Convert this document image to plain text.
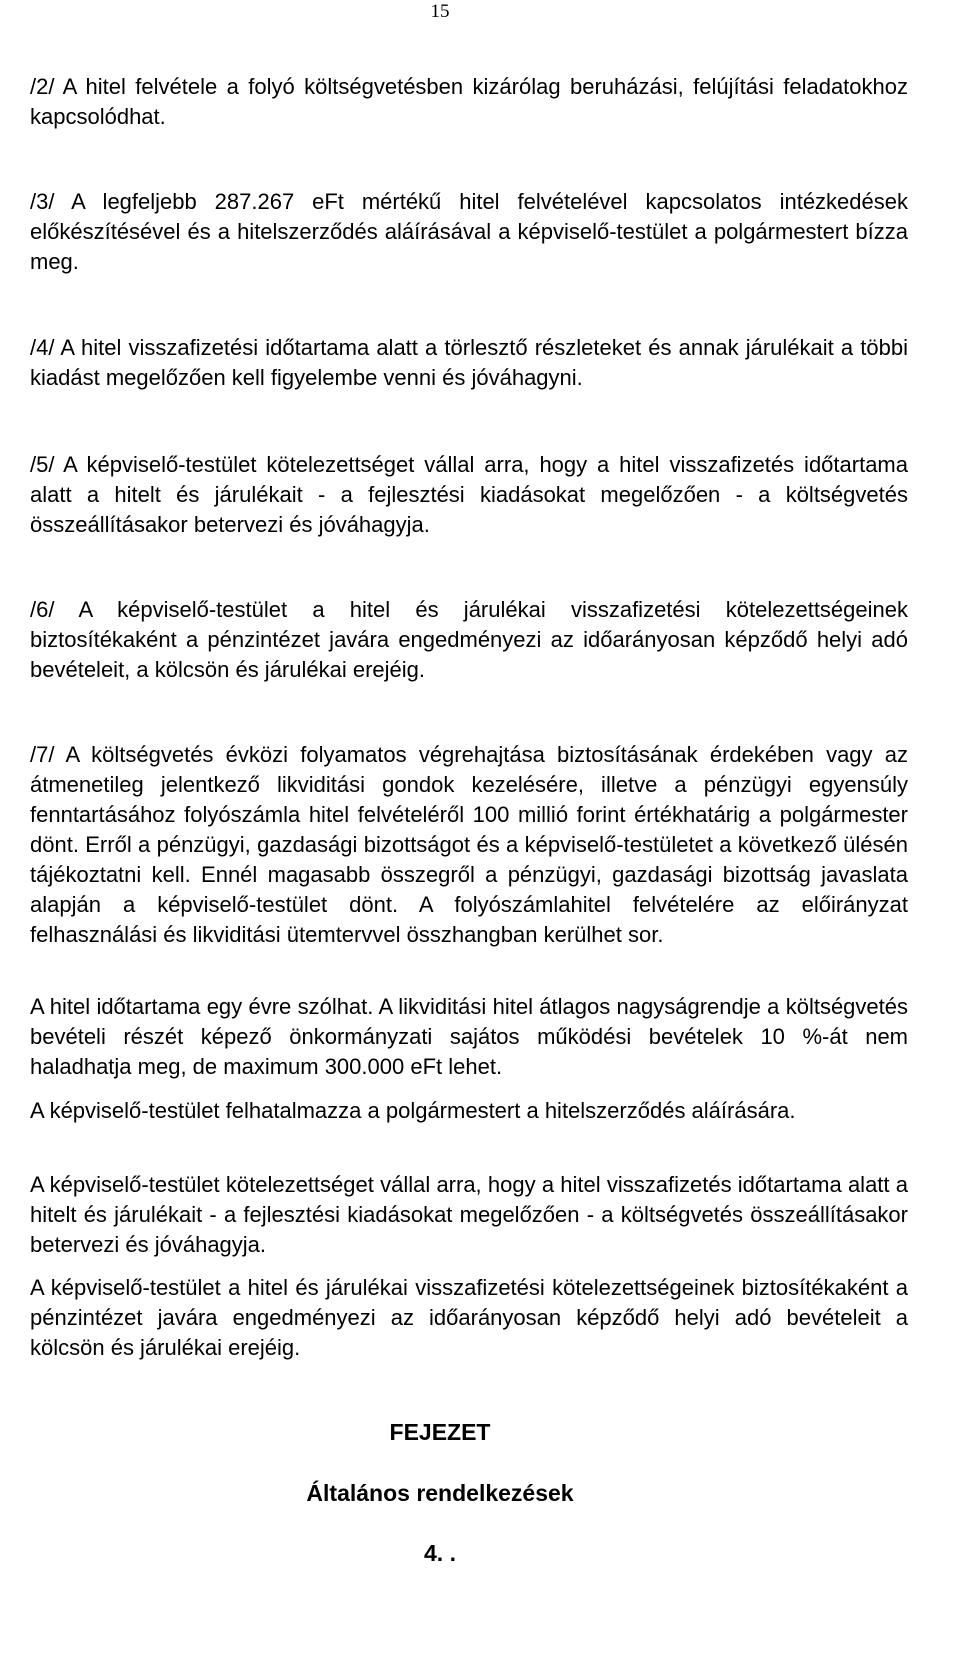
15

/2/ A hitel felvétele a folyó költségvetésben kizárólag beruházási, felújítási feladatokhoz kapcsolódhat.

/3/ A legfeljebb 287.267 eFt mértékű hitel felvételével kapcsolatos intézkedések előkészítésével és a hitelszerződés aláírásával a képviselő-testület a polgármestert bízza meg.

/4/ A hitel visszafizetési időtartama alatt a törlesztő részleteket és annak járulékait a többi kiadást megelőzően kell figyelembe venni és jóváhagyni.

/5/ A képviselő-testület kötelezettséget vállal arra, hogy a hitel visszafizetés időtartama alatt a hitelt és járulékait - a fejlesztési kiadásokat megelőzően - a költségvetés összeállításakor betervezi és jóváhagyja.

/6/ A képviselő-testület a hitel és járulékai visszafizetési kötelezettségeinek biztosítékaként a pénzintézet javára engedményezi az időarányosan képződő helyi adó bevételeit, a kölcsön és járulékai erejéig.

/7/ A költségvetés évközi folyamatos végrehajtása biztosításának érdekében vagy az átmenetileg jelentkező likviditási gondok kezelésére, illetve a pénzügyi egyensúly fenntartásához folyószámla hitel felvételéről 100 millió forint értékhatárig a polgármester dönt. Erről a pénzügyi, gazdasági bizottságot és a képviselő-testületet a következő ülésén tájékoztatni kell. Ennél magasabb összegről a pénzügyi, gazdasági bizottság javaslata alapján a képviselő-testület dönt. A folyószámlahitel felvételére az előirányzat felhasználási és likviditási ütemtervvel összhangban kerülhet sor.

A hitel időtartama egy évre szólhat. A likviditási hitel átlagos nagyságrendje a költségvetés bevételi részét képező önkormányzati sajátos működési bevételek 10 %-át nem haladhatja meg, de maximum 300.000 eFt lehet.

A képviselő-testület felhatalmazza a polgármestert a hitelszerződés aláírására.

A képviselő-testület kötelezettséget vállal arra, hogy a hitel visszafizetés időtartama alatt a hitelt és járulékait - a fejlesztési kiadásokat megelőzően - a költségvetés összeállításakor betervezi és jóváhagyja.

A képviselő-testület a hitel és járulékai visszafizetési kötelezettségeinek biztosítékaként a pénzintézet javára engedményezi az időarányosan képződő helyi adó bevételeit a kölcsön és járulékai erejéig.

FEJEZET
Általános rendelkezések
4. .
